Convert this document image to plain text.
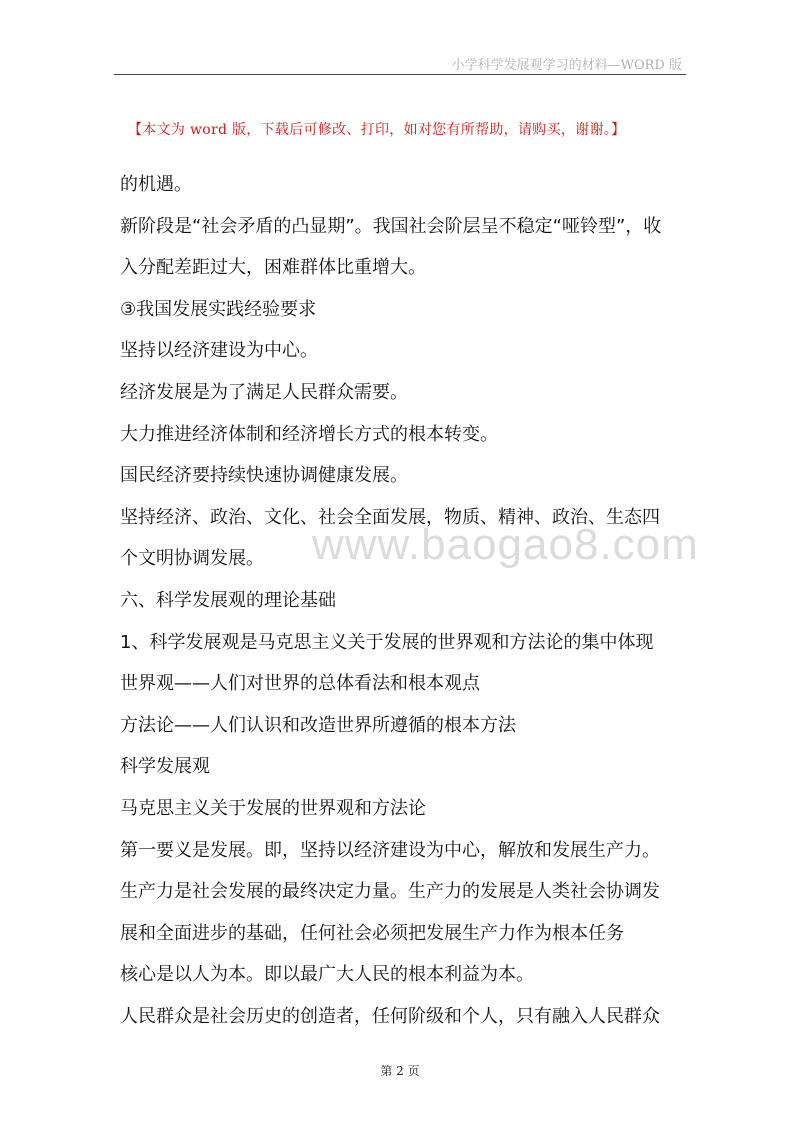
小学科学发展观学习的材料—WORD 版
【本文为 word 版，下载后可修改、打印，如对您有所帮助，请购买，谢谢。】
的机遇。
新阶段是“社会矛盾的凸显期”。我国社会阶层呈不稳定“哑铃型”，收
入分配差距过大，困难群体比重增大。
③我国发展实践经验要求
坚持以经济建设为中心。
经济发展是为了满足人民群众需要。
大力推进经济体制和经济增长方式的根本转变。
国民经济要持续快速协调健康发展。
坚持经济、政治、文化、社会全面发展，物质、精神、政治、生态四
个文明协调发展。
六、科学发展观的理论基础
1、科学发展观是马克思主义关于发展的世界观和方法论的集中体现
世界观——人们对世界的总体看法和根本观点
方法论——人们认识和改造世界所遵循的根本方法
科学发展观
马克思主义关于发展的世界观和方法论
第一要义是发展。即，坚持以经济建设为中心，解放和发展生产力。
生产力是社会发展的最终决定力量。生产力的发展是人类社会协调发
展和全面进步的基础，任何社会必须把发展生产力作为根本任务
核心是以人为本。即以最广大人民的根本利益为本。
人民群众是社会历史的创造者，任何阶级和个人，只有融入人民群众
www.baogao8.com
第 2 页
